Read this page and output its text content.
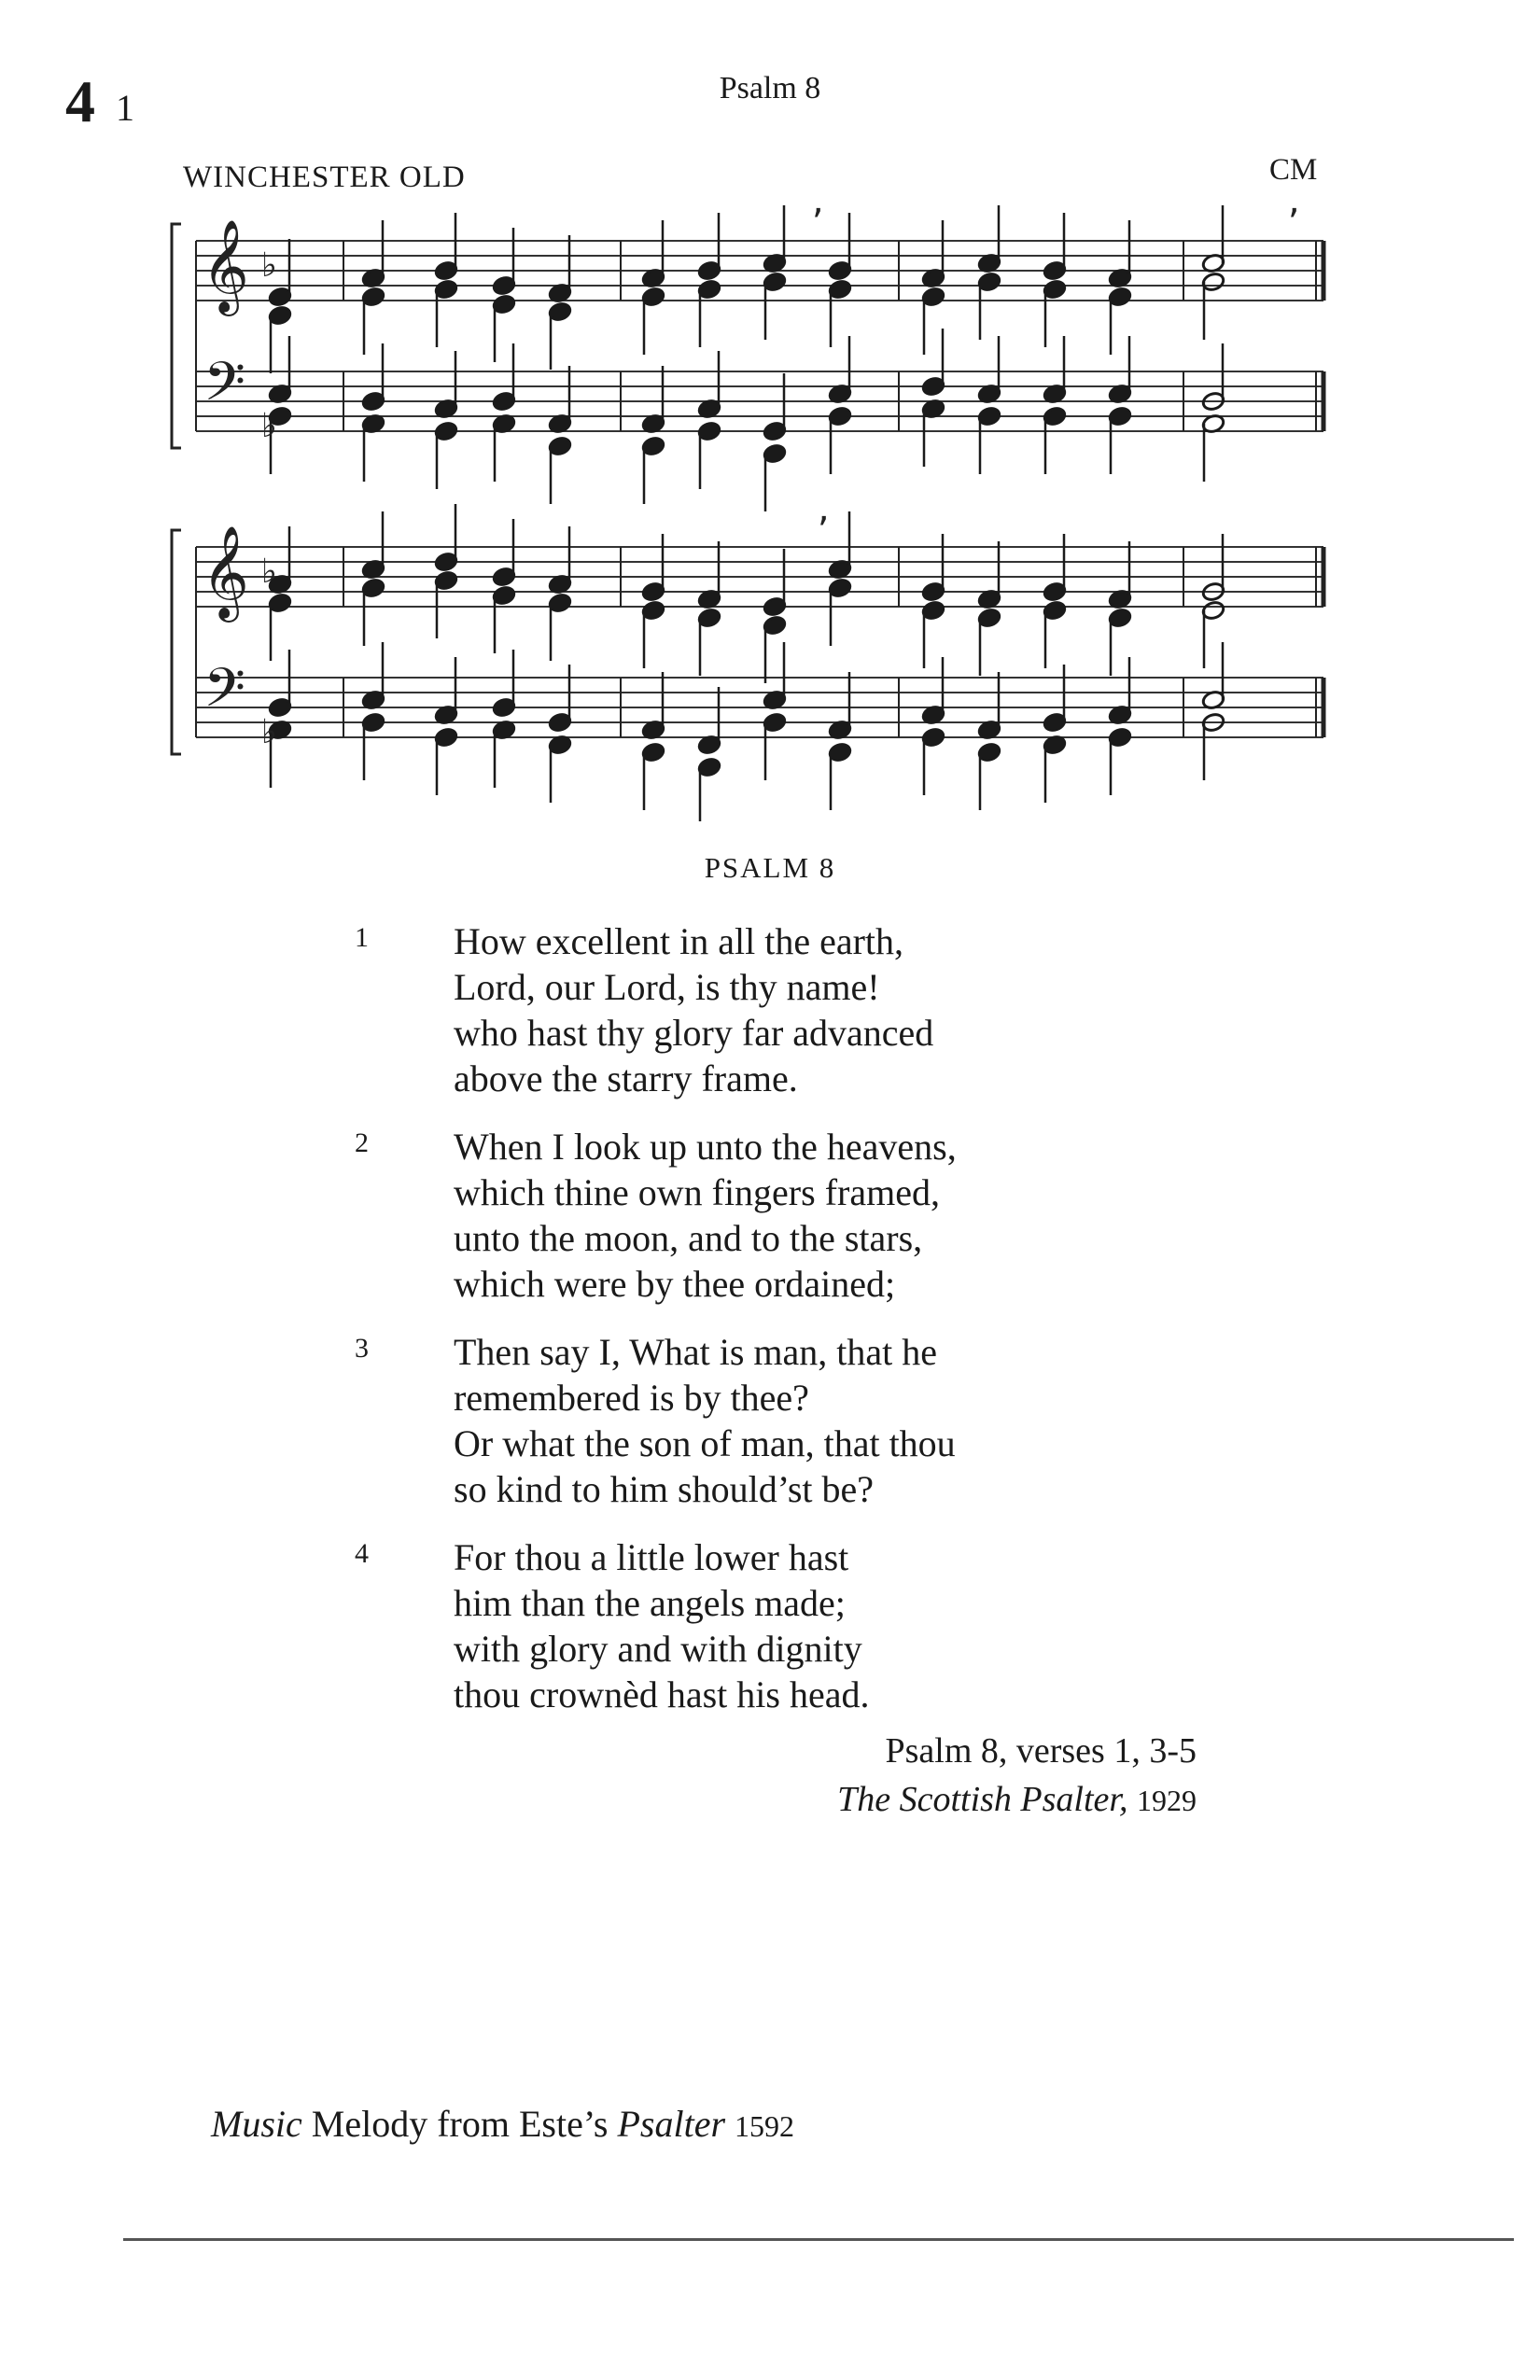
4 1	Psalm 8
WINCHESTER OLD	CM
𝄞
𝄢
♭
♭
,	,
𝄞
𝄢
♭
♭
,
PSALM 8
1 How excellent in all the earth,
Lord, our Lord, is thy name!
who hast thy glory far advanced
above the starry frame.
2 When I look up unto the heavens,
which thine own fingers framed,
unto the moon, and to the stars,
which were by thee ordained;
3 Then say I, What is man, that he
remembered is by thee?
Or what the son of man, that thou
so kind to him should’st be?
4 For thou a little lower hast
him than the angels made;
with glory and with dignity
thou crownèd hast his head.
Psalm 8, verses 1, 3-5
The Scottish Psalter, 1929
Music Melody from Este’s Psalter 1592
